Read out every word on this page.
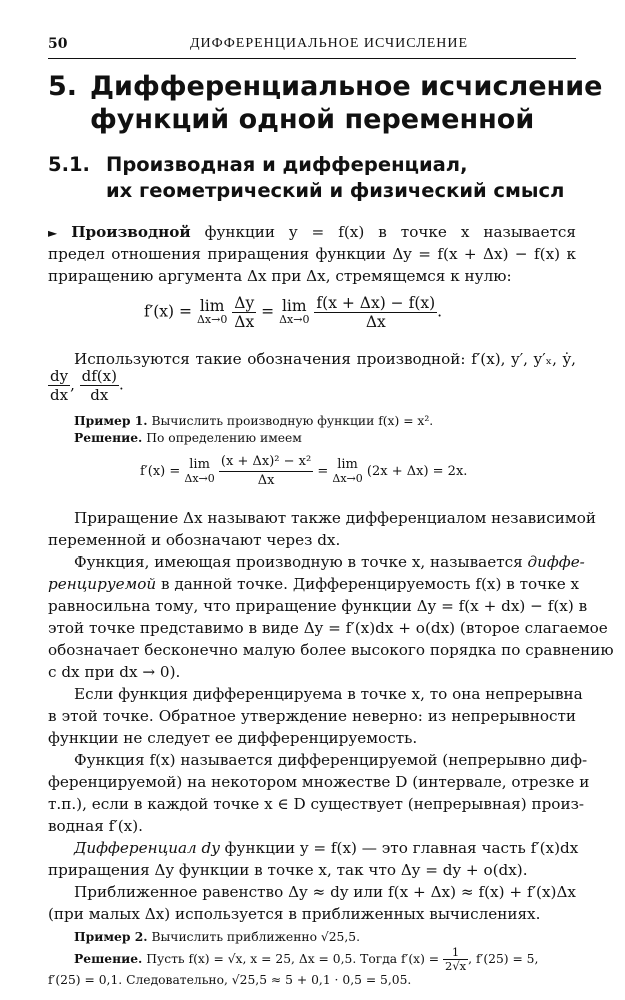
50	ДИФФЕРЕНЦИАЛЬНОЕ ИСЧИСЛЕНИЕ
5. Дифференциальное исчисление
функций одной переменной
5.1. Производная и дифференциал,
их геометрический и физический смысл
► Производной функции y = f(x) в точке x называется
предел отношения приращения функции Δy = f(x + Δx) − f(x) к
приращению аргумента Δx при Δx, стремящемся к нулю:
f′(x) = lim
Δx→0
$\frac{\Delta y}{\Delta x} = \lim$
Δx→0
$\frac{f(x + \Delta x) - f(x)}{\Delta x}$ .
Используются такие обозначения производной: f′(x), y′, y′ₓ, ẏ,
$\frac{dy}{dx}$ , $\frac{df(x)}{dx}$ .
Пример 1. Вычислить производную функции f(x) = x².
Решение. По определению имеем
f′(x) = lim
Δx→0
$\frac{\text{(x + Δx)² − x²}}{\Delta x} = \lim$
Δx→0 (2x + Δx) = 2x.
Приращение Δx называют также дифференциалом независимой
переменной и обозначают через dx.
Функция, имеющая производную в точке x, называется диффе-
ренцируемой в данной точке. Дифференцируемость f(x) в точке x
равносильна тому, что приращение функции Δy = f(x + dx) − f(x) в
этой точке представимо в виде Δy = f′(x)dx + o(dx) (второе слагаемое
обозначает бесконечно малую более высокого порядка по сравнению
с dx при dx → 0).
Если функция дифференцируема в точке x, то она непрерывна
в этой точке. Обратное утверждение неверно: из непрерывности
функции не следует ее дифференцируемость.
Функция f(x) называется дифференцируемой (непрерывно диф-
ференцируемой) на некотором множестве D (интервале, отрезке и
т.п.), если в каждой точке x ∈ D существует (непрерывная) произ-
водная f′(x).
Дифференциал dy функции y = f(x) — это главная часть f′(x)dx
приращения Δy функции в точке x, так что Δy = dy + o(dx).
Приближенное равенство Δy ≈ dy или f(x + Δx) ≈ f(x) + f′(x)Δx
(при малых Δx) используется в приближенных вычислениях.
Пример 2. Вычислить приближенно √25,5.
Решение. Пусть f(x) = √x, x = 25, Δx = 0,5. Тогда $f'(x) = \frac{1}{2√x}$ , f′(25) = 5,
f′(25) = 0,1. Следовательно, √25,5 ≈ 5 + 0,1 · 0,5 = 5,05.
